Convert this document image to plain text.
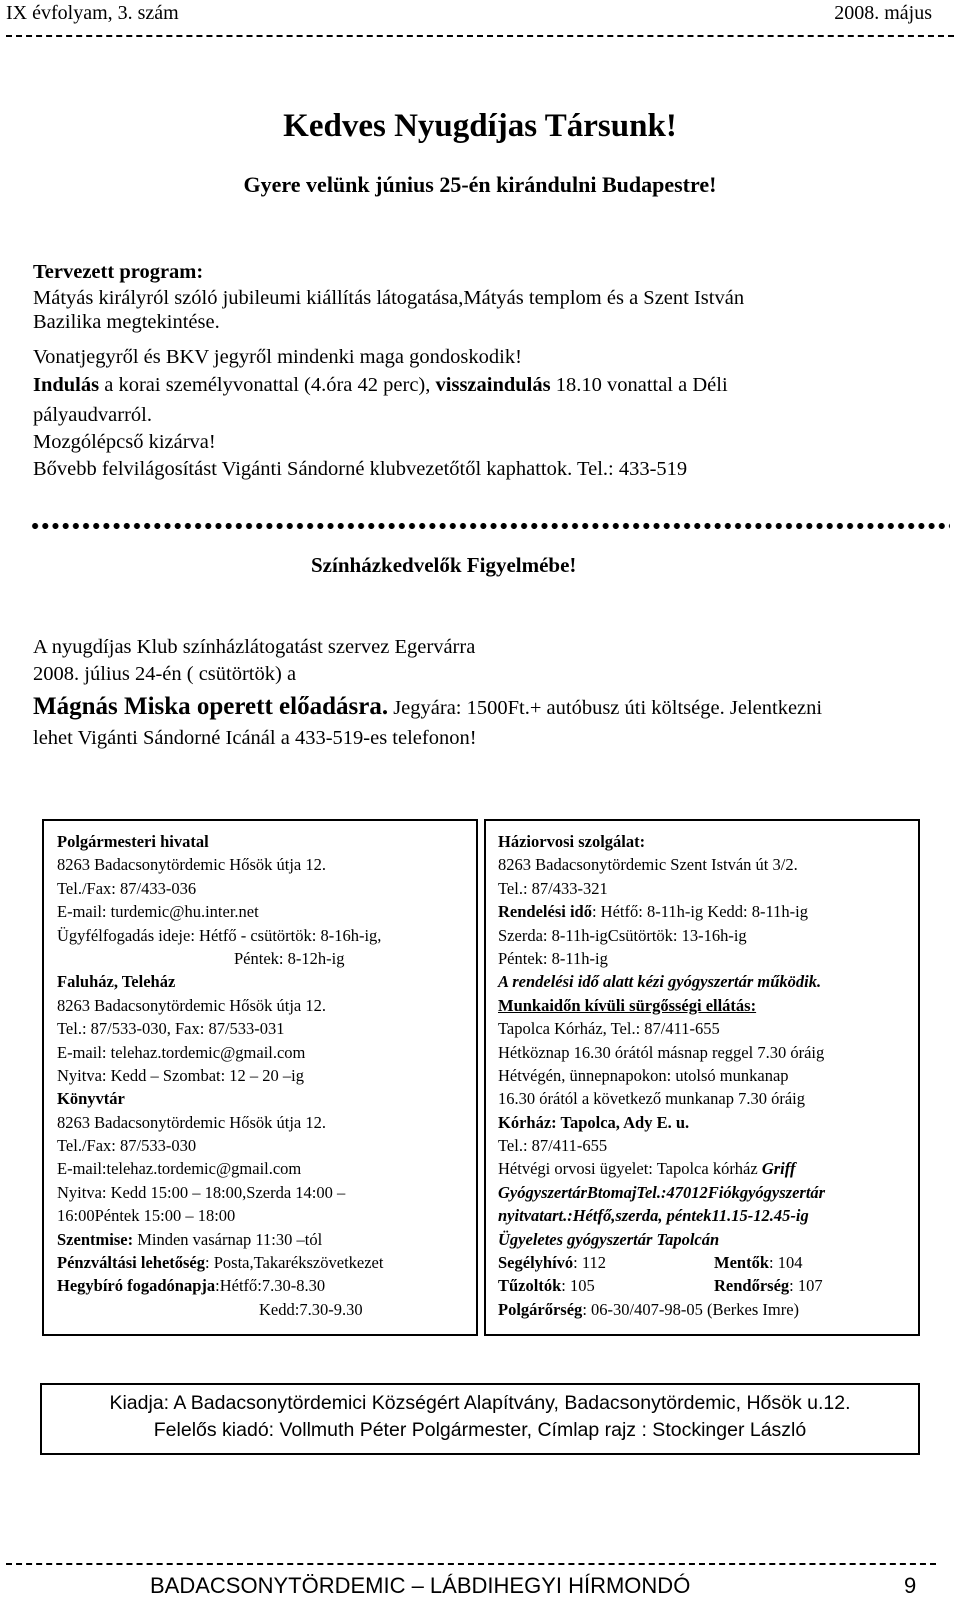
IX évfolyam, 3. szám	2008. május
Kedves Nyugdíjas Társunk!
Gyere velünk június 25-én kirándulni Budapestre!
Tervezett program:
Mátyás királyról szóló jubileumi kiállítás látogatása,Mátyás templom és a Szent István
Bazilika megtekintése.
Vonatjegyről és BKV jegyről mindenki maga gondoskodik!
Indulás a korai személyvonattal (4.óra 42 perc), visszaindulás 18.10 vonattal a Déli
pályaudvarról.
Mozgólépcső kizárva!
Bővebb felvilágosítást Vigánti Sándorné klubvezetőtől kaphattok. Tel.: 433-519
Színházkedvelők Figyelmébe!
A nyugdíjas Klub színházlátogatást szervez Egervárra
2008. július 24-én ( csütörtök) a
Mágnás Miska operett előadásra. Jegyára: 1500Ft.+ autóbusz úti költsége. Jelentkezni
lehet Vigánti Sándorné Icánál a 433-519-es telefonon!
Polgármesteri hivatal
8263 Badacsonytördemic Hősök útja 12.
Tel./Fax: 87/433-036
E-mail: turdemic@hu.inter.net
Ügyfélfogadás ideje: Hétfő - csütörtök: 8-16h-ig,
Péntek: 8-12h-ig
Faluház, Teleház
8263 Badacsonytördemic Hősök útja 12.
Tel.: 87/533-030, Fax: 87/533-031
E-mail: telehaz.tordemic@gmail.com
Nyitva: Kedd – Szombat: 12 – 20 –ig
Könyvtár
8263 Badacsonytördemic Hősök útja 12.
Tel./Fax: 87/533-030
E-mail:telehaz.tordemic@gmail.com
Nyitva: Kedd 15:00 – 18:00,Szerda 14:00 –
16:00Péntek 15:00 – 18:00
Szentmise: Minden vasárnap 11:30 –tól
Pénzváltási lehetőség: Posta,Takarékszövetkezet
Hegybíró fogadónapja:Hétfő:7.30-8.30
Kedd:7.30-9.30
Háziorvosi szolgálat:
8263 Badacsonytördemic Szent István út 3/2.
Tel.: 87/433-321
Rendelési idő: Hétfő: 8-11h-ig Kedd: 8-11h-ig
Szerda: 8-11h-igCsütörtök: 13-16h-ig
Péntek: 8-11h-ig
A rendelési idő alatt kézi gyógyszertár működik.
Munkaidőn kívüli sürgősségi ellátás:
Tapolca Kórház, Tel.: 87/411-655
Hétköznap 16.30 órától másnap reggel 7.30 óráig
Hétvégén, ünnepnapokon: utolsó munkanap
16.30 órától a következő munkanap 7.30 óráig
Kórház: Tapolca, Ady E. u.
Tel.: 87/411-655
Hétvégi orvosi ügyelet: Tapolca kórház Griff
GyógyszertárBtomajTel.:47012Fiókgyógyszertár
nyitvatart.:Hétfő,szerda, péntek11.15-12.45-ig
Ügyeletes gyógyszertár Tapolcán
Segélyhívó: 112	Mentők: 104
Tűzoltók: 105	Rendőrség: 107
Polgárőrség: 06-30/407-98-05 (Berkes Imre)
Kiadja: A Badacsonytördemici Községért Alapítvány, Badacsonytördemic, Hősök u.12.
Felelős kiadó: Vollmuth Péter Polgármester, Címlap rajz : Stockinger László
BADACSONYTÖRDEMIC – LÁBDIHEGYI HÍRMONDÓ	9
